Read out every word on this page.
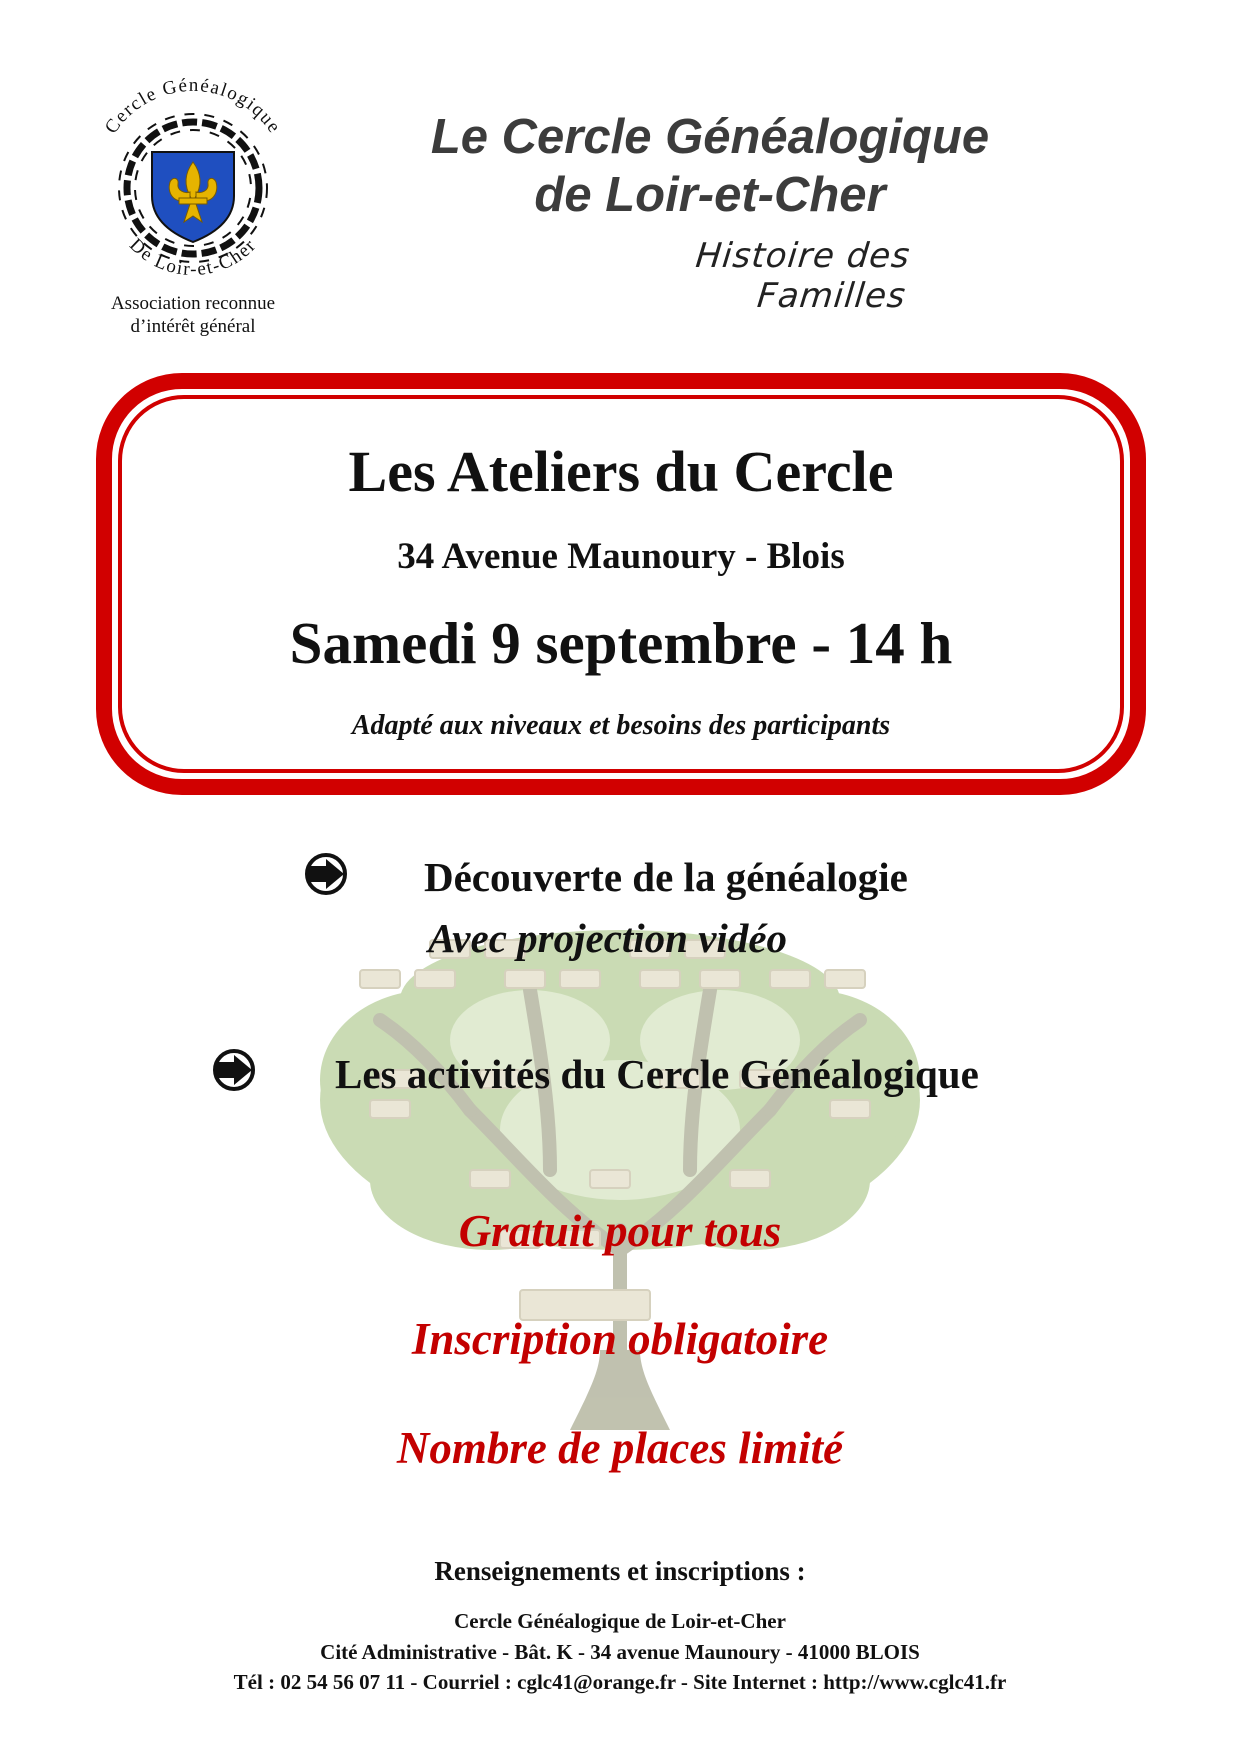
Cercle Généalogique
De Loir-et-Cher
Association reconnue
d’intérêt général
Le Cercle Généalogique
de Loir-et-Cher
Histoire des Familles
Les Ateliers du Cercle
34 Avenue Maunoury - Blois
Samedi 9 septembre - 14 h
Adapté aux niveaux et besoins des participants
Découverte de la généalogie
Avec projection vidéo
Les activités du Cercle Généalogique
Gratuit pour tous
Inscription obligatoire
Nombre de places limité
Renseignements et inscriptions :
Cercle Généalogique de Loir-et-Cher
Cité Administrative - Bât. K - 34 avenue Maunoury - 41000 BLOIS
Tél : 02 54 56 07 11 - Courriel : cglc41@orange.fr - Site Internet : http://www.cglc41.fr
